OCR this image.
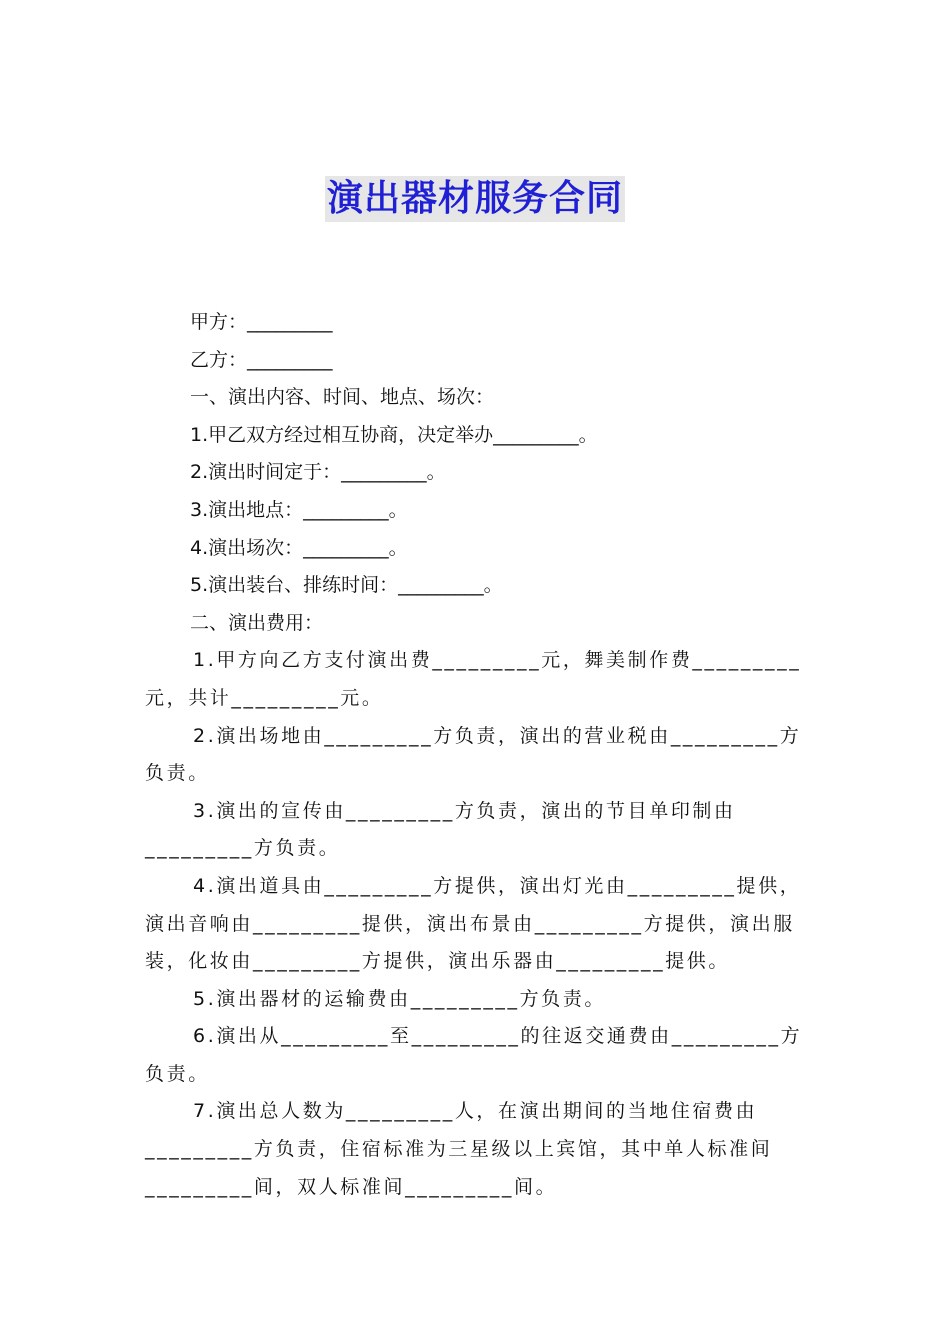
演出器材服务合同

甲方：_________

乙方：_________

一、演出内容、时间、地点、场次：

1.甲乙双方经过相互协商，决定举办_________。

2.演出时间定于：_________。

3.演出地点：_________。

4.演出场次：_________。

5.演出装台、排练时间：_________。

二、演出费用：

1.甲方向乙方支付演出费_________元，舞美制作费_________元，共计_________元。

2.演出场地由_________方负责，演出的营业税由_________方负责。

3.演出的宣传由_________方负责，演出的节目单印制由_________方负责。

4.演出道具由_________方提供，演出灯光由_________提供，演出音响由_________提供，演出布景由_________方提供，演出服装，化妆由_________方提供，演出乐器由_________提供。

5.演出器材的运输费由_________方负责。

6.演出从_________至_________的往返交通费由_________方负责。

7.演出总人数为_________人，在演出期间的当地住宿费由_________方负责，住宿标准为三星级以上宾馆，其中单人标准间_________间，双人标准间_________间。
